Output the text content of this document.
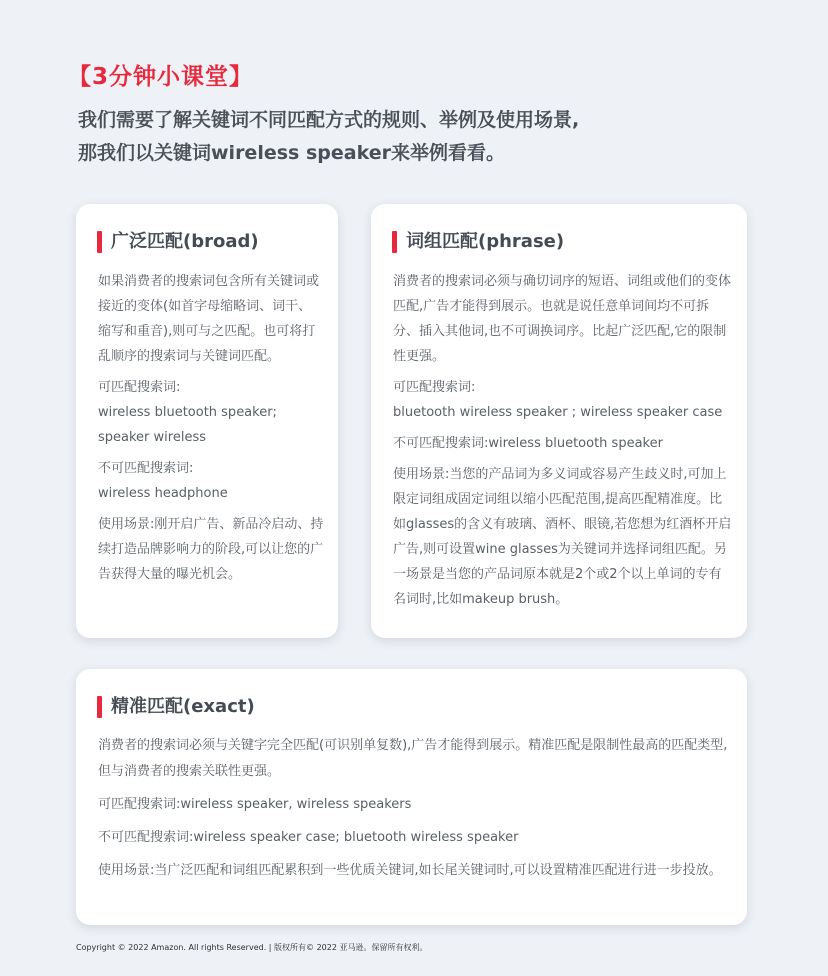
【3分钟小课堂】
我们需要了解关键词不同匹配方式的规则、举例及使用场景,
那我们以关键词wireless speaker来举例看看。
广泛匹配(broad)
如果消费者的搜索词包含所有关键词或接近的变体(如首字母缩略词、词干、缩写和重音),则可与之匹配。也可将打乱顺序的搜索词与关键词匹配。
可匹配搜索词:
wireless bluetooth speaker;
speaker wireless
不可匹配搜索词:
wireless headphone
使用场景:刚开启广告、新品冷启动、持续打造品牌影响力的阶段,可以让您的广告获得大量的曝光机会。
词组匹配(phrase)
消费者的搜索词必须与确切词序的短语、词组或他们的变体匹配,广告才能得到展示。也就是说任意单词间均不可拆分、插入其他词,也不可调换词序。比起广泛匹配,它的限制性更强。
可匹配搜索词:
bluetooth wireless speaker ; wireless speaker case
不可匹配搜索词:wireless bluetooth speaker
使用场景:当您的产品词为多义词或容易产生歧义时,可加上限定词组成固定词组以缩小匹配范围,提高匹配精准度。比如glasses的含义有玻璃、酒杯、眼镜,若您想为红酒杯开启广告,则可设置wine glasses为关键词并选择词组匹配。另一场景是当您的产品词原本就是2个或2个以上单词的专有名词时,比如makeup brush。
精准匹配(exact)
消费者的搜索词必须与关键字完全匹配(可识别单复数),广告才能得到展示。精准匹配是限制性最高的匹配类型,但与消费者的搜索关联性更强。
可匹配搜索词:wireless speaker, wireless speakers
不可匹配搜索词:wireless speaker case; bluetooth wireless speaker
使用场景:当广泛匹配和词组匹配累积到一些优质关键词,如长尾关键词时,可以设置精准匹配进行进一步投放。
Copyright © 2022 Amazon. All rights Reserved. | 版权所有© 2022 亚马逊。保留所有权利。
